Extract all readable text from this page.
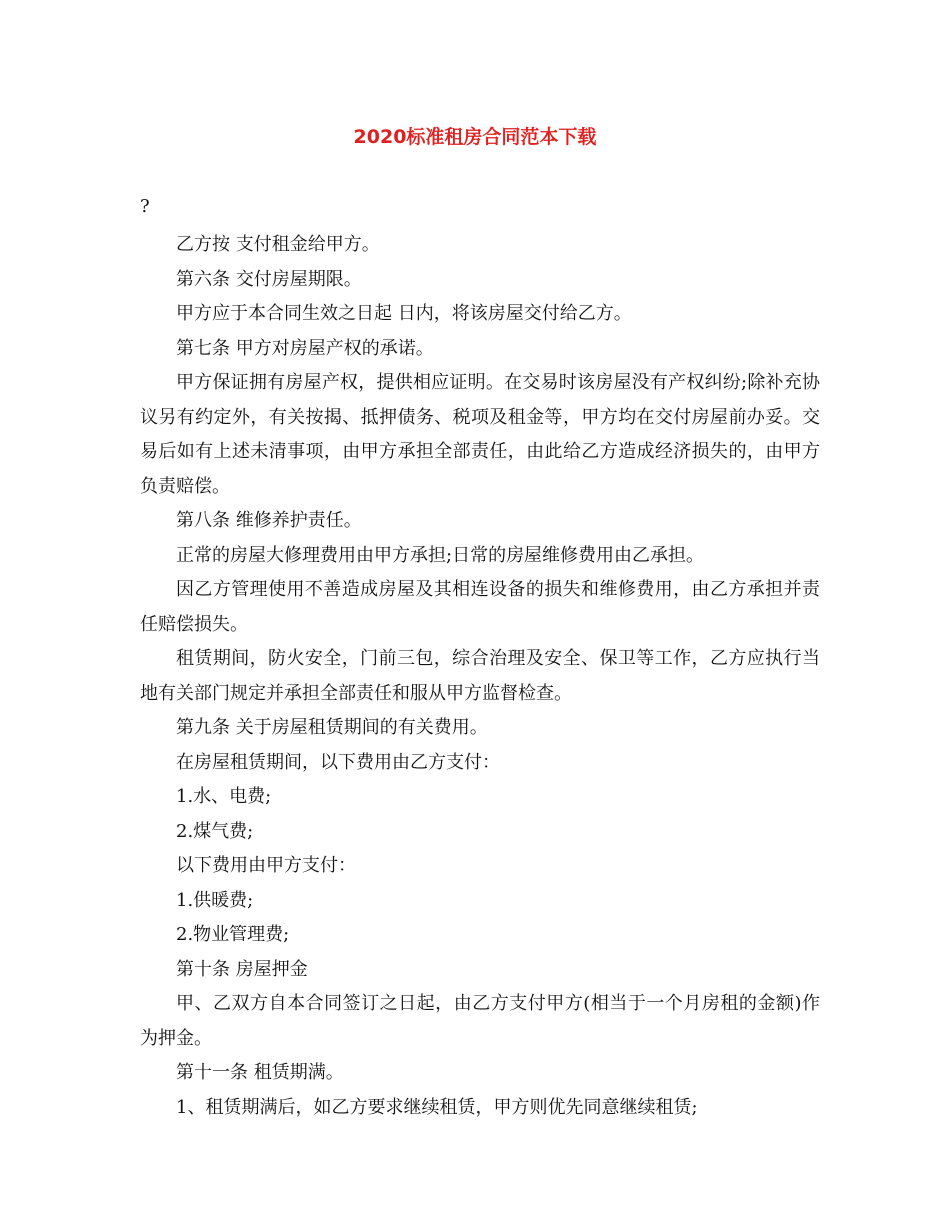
2020标准租房合同范本下载

?

乙方按 支付租金给甲方。

第六条 交付房屋期限。

甲方应于本合同生效之日起 日内，将该房屋交付给乙方。

第七条 甲方对房屋产权的承诺。

甲方保证拥有房屋产权，提供相应证明。在交易时该房屋没有产权纠纷;除补充协议另有约定外，有关按揭、抵押债务、税项及租金等，甲方均在交付房屋前办妥。交易后如有上述未清事项，由甲方承担全部责任，由此给乙方造成经济损失的，由甲方负责赔偿。

第八条 维修养护责任。

正常的房屋大修理费用由甲方承担;日常的房屋维修费用由乙承担。

因乙方管理使用不善造成房屋及其相连设备的损失和维修费用，由乙方承担并责任赔偿损失。

租赁期间，防火安全，门前三包，综合治理及安全、保卫等工作，乙方应执行当地有关部门规定并承担全部责任和服从甲方监督检查。

第九条 关于房屋租赁期间的有关费用。

在房屋租赁期间，以下费用由乙方支付：

1.水、电费;

2.煤气费;

以下费用由甲方支付：

1.供暖费;

2.物业管理费;

第十条 房屋押金

甲、乙双方自本合同签订之日起，由乙方支付甲方(相当于一个月房租的金额)作为押金。

第十一条 租赁期满。

1、租赁期满后，如乙方要求继续租赁，甲方则优先同意继续租赁;
